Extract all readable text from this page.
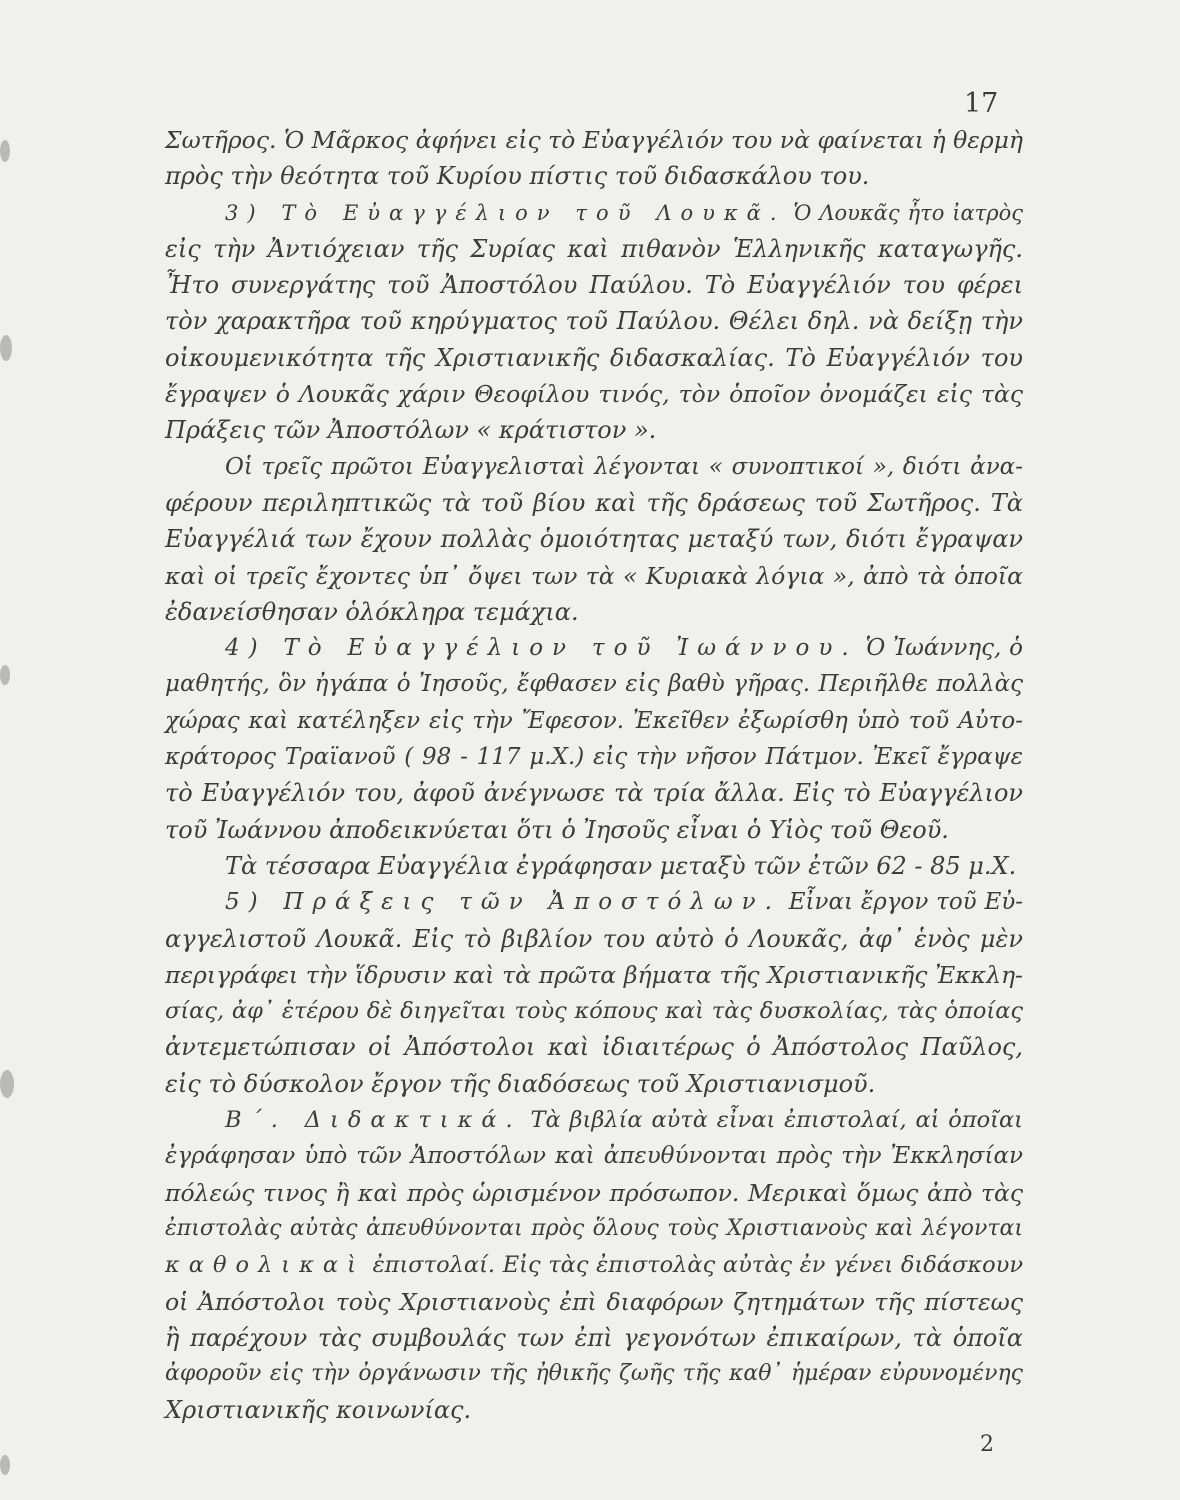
17
Σωτῆρος. Ὁ Μᾶρκος ἀφήνει εἰς τὸ Εὐαγγέλιόν του νὰ φαίνεται ἡ θερμὴ
πρὸς τὴν θεότητα τοῦ Κυρίου πίστις τοῦ διδασκάλου του.
3) Τὸ Εὐαγγέλιον τοῦ Λουκᾶ. Ὁ Λουκᾶς ἦτο ἰατρὸς
εἰς τὴν Ἀντιόχειαν τῆς Συρίας καὶ πιθανὸν Ἑλληνικῆς καταγωγῆς.
Ἦτο συνεργάτης τοῦ Ἀποστόλου Παύλου. Τὸ Εὐαγγέλιόν του φέρει
τὸν χαρακτῆρα τοῦ κηρύγματος τοῦ Παύλου. Θέλει δηλ. νὰ δείξῃ τὴν
οἰκουμενικότητα τῆς Χριστιανικῆς διδασκαλίας. Τὸ Εὐαγγέλιόν του
ἔγραψεν ὁ Λουκᾶς χάριν Θεοφίλου τινός, τὸν ὁποῖον ὀνομάζει εἰς τὰς
Πράξεις τῶν Ἀποστόλων « κράτιστον ».
Οἱ τρεῖς πρῶτοι Εὐαγγελισταὶ λέγονται « συνοπτικοί », διότι ἀνα-
φέρουν περιληπτικῶς τὰ τοῦ βίου καὶ τῆς δράσεως τοῦ Σωτῆρος. Τὰ
Εὐαγγέλιά των ἔχουν πολλὰς ὁμοιότητας μεταξύ των, διότι ἔγραψαν
καὶ οἱ τρεῖς ἔχοντες ὑπ᾽ ὄψει των τὰ « Κυριακὰ λόγια », ἀπὸ τὰ ὁποῖα
ἐδανείσθησαν ὁλόκληρα τεμάχια.
4) Τὸ Εὐαγγέλιον τοῦ Ἰωάννου. Ὁ Ἰωάννης, ὁ
μαθητής, ὃν ἠγάπα ὁ Ἰησοῦς, ἔφθασεν εἰς βαθὺ γῆρας. Περιῆλθε πολλὰς
χώρας καὶ κατέληξεν εἰς τὴν Ἔφεσον. Ἐκεῖθεν ἐξωρίσθη ὑπὸ τοῦ Αὐτο-
κράτορος Τραϊανοῦ ( 98 - 117 μ.Χ.) εἰς τὴν νῆσον Πάτμον. Ἐκεῖ ἔγραψε
τὸ Εὐαγγέλιόν του, ἀφοῦ ἀνέγνωσε τὰ τρία ἄλλα. Εἰς τὸ Εὐαγγέλιον
τοῦ Ἰωάννου ἀποδεικνύεται ὅτι ὁ Ἰησοῦς εἶναι ὁ Υἱὸς τοῦ Θεοῦ.
Τὰ τέσσαρα Εὐαγγέλια ἐγράφησαν μεταξὺ τῶν ἐτῶν 62 - 85 μ.Χ.
5) Πράξεις τῶν Ἀποστόλων. Εἶναι ἔργον τοῦ Εὐ-
αγγελιστοῦ Λουκᾶ. Εἰς τὸ βιβλίον του αὐτὸ ὁ Λουκᾶς, ἀφ᾽ ἑνὸς μὲν
περιγράφει τὴν ἵδρυσιν καὶ τὰ πρῶτα βήματα τῆς Χριστιανικῆς Ἐκκλη-
σίας, ἀφ᾽ ἑτέρου δὲ διηγεῖται τοὺς κόπους καὶ τὰς δυσκολίας, τὰς ὁποίας
ἀντεμετώπισαν οἱ Ἀπόστολοι καὶ ἰδιαιτέρως ὁ Ἀπόστολος Παῦλος,
εἰς τὸ δύσκολον ἔργον τῆς διαδόσεως τοῦ Χριστιανισμοῦ.
Β΄. Διδακτικά. Τὰ βιβλία αὐτὰ εἶναι ἐπιστολαί, αἱ ὁποῖαι
ἐγράφησαν ὑπὸ τῶν Ἀποστόλων καὶ ἀπευθύνονται πρὸς τὴν Ἐκκλησίαν
πόλεώς τινος ἢ καὶ πρὸς ὡρισμένον πρόσωπον. Μερικαὶ ὅμως ἀπὸ τὰς
ἐπιστολὰς αὐτὰς ἀπευθύνονται πρὸς ὅλους τοὺς Χριστιανοὺς καὶ λέγονται
καθολικαὶ ἐπιστολαί. Εἰς τὰς ἐπιστολὰς αὐτὰς ἐν γένει διδάσκουν
οἱ Ἀπόστολοι τοὺς Χριστιανοὺς ἐπὶ διαφόρων ζητημάτων τῆς πίστεως
ἢ παρέχουν τὰς συμβουλάς των ἐπὶ γεγονότων ἐπικαίρων, τὰ ὁποῖα
ἀφοροῦν εἰς τὴν ὀργάνωσιν τῆς ἠθικῆς ζωῆς τῆς καθ᾽ ἡμέραν εὐρυνομένης
Χριστιανικῆς κοινωνίας.
2
